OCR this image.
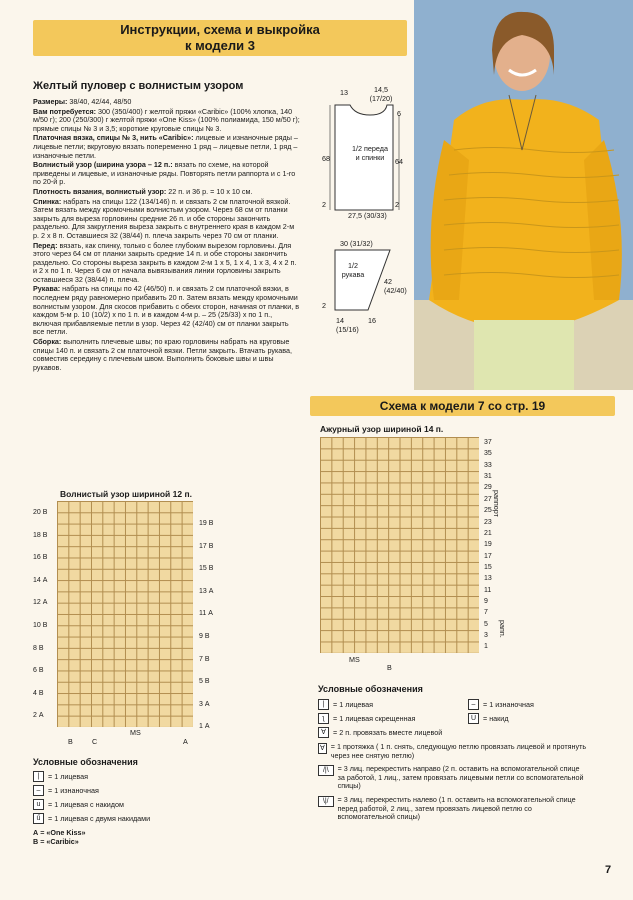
Инструкции, схема и выкройка
к модели 3
Желтый пуловер с волнистым узором

Размеры: 38/40, 42/44, 48/50

Вам потребуется: 300 (350/400) г желтой пряжи «Caribic» (100% хлопка, 140 м/50 г); 200 (250/300) г желтой пряжи «One Kiss» (100% полиамида, 150 м/50 г); прямые спицы № 3 и 3,5; короткие круговые спицы № 3.

Платочная вязка, спицы № 3, нить «Caribic»: лицевые и изнаночные ряды – лицевые петли; вкруговую вязать попеременно 1 ряд – лицевые петли, 1 ряд – изнаночные петли.

Волнистый узор (ширина узора – 12 п.: вязать по схеме, на которой приведены и лицевые, и изнаночные ряды. Повторять петли раппорта и с 1-го по 20-й р.

Плотность вязания, волнистый узор: 22 п. и 36 р. = 10 х 10 см.

Спинка: набрать на спицы 122 (134/146) п. и связать 2 см платочной вязкой. Затем вязать между кромочными волнистым узором. Через 68 см от планки закрыть для выреза горловины средние 26 п. и обе стороны закончить раздельно. Для закругления выреза закрыть с внутреннего края в каждом 2-м р. 2 х 8 п. Оставшиеся 32 (38/44) п. плеча закрыть через 70 см от планки.

Перед: вязать, как спинку, только с более глубоким вырезом горловины. Для этого через 64 см от планки закрыть средние 14 п. и обе стороны закончить раздельно. Со стороны выреза закрыть в каждом 2-м 1 х 5, 1 х 4, 1 х 3, 4 х 2 п. и 2 х по 1 п. Через 6 см от начала вывязывания линии горловины закрыть оставшиеся 32 (38/44) п. плеча.

Рукава: набрать на спицы по 42 (46/50) п. и связать 2 см платочной вязки, в последнем ряду равномерно прибавить 20 п. Затем вязать между кромочными волнистым узором. Для скосов прибавить с обеих сторон, начиная от планки, в каждом 5-м р. 10 (10/2) х по 1 п. и в каждом 4-м р. – 25 (25/33) х по 1 п., включая прибавляемые петли в узор. Через 42 (42/40) см от планки закрыть все петли.

Сборка: выполнить плечевые швы; по краю горловины набрать на круговые спицы 140 п. и связать 2 см платочной вязки. Петли закрыть. Втачать рукава, совместив середину с плечевым швом. Выполнить боковые швы и швы рукавов.

13	14,5 (17/20)
6
1/2 переда и спинки
68	64
27,5 (30/33)
2	2
30 (31/32)
1/2 рукава
42 (42/40)
14 (15/16)
16
2
Волнистый узор шириной 12 п.
20 В
18 В
16 В
14 А
12 А
10 В
8 В
6 В
4 В
2 А
19 В
17 В
15 В
13 А
11 А
9 В
7 В
5 В
3 А
1 А
В	С
MS
А
Условные обозначения
|	= 1 лицевая
–	= 1 изнаночная
u	= 1 лицевая с накидом
ű	= 1 лицевая с двумя накидами
А = «One Kiss»
В = «Caribic»
Схема к модели 7 со стр. 19
Ажурный узор шириной 14 п.
37
35
33
31
29
27
25
23
21
19
17
15
13
11
9
7
5
3
1
раппорт
рапп.
MS
В
Условные обозначения
|	= 1 лицевая	–	= 1 изнаночная
ʅ	= 1 лицевая скрещенная	U = накид
∀ = 2 п. провязать вместе лицевой
∀ = 1 протяжка ( 1 п. снять, следующую петлю провязать лицевой и протянуть через нее снятую петлю)
/|\	= 3 лиц. перекрестить направо (2 п. оставить на вспомогательной спице за работой, 1 лиц., затем провязать лицевыми петли со вспомогательной спицы)
\|/	= 3 лиц. перекрестить налево (1 п. оставить на вспомогательной спице перед работой, 2 лиц., затем провязать лицевой петлю со вспомогательной спицы)
7
